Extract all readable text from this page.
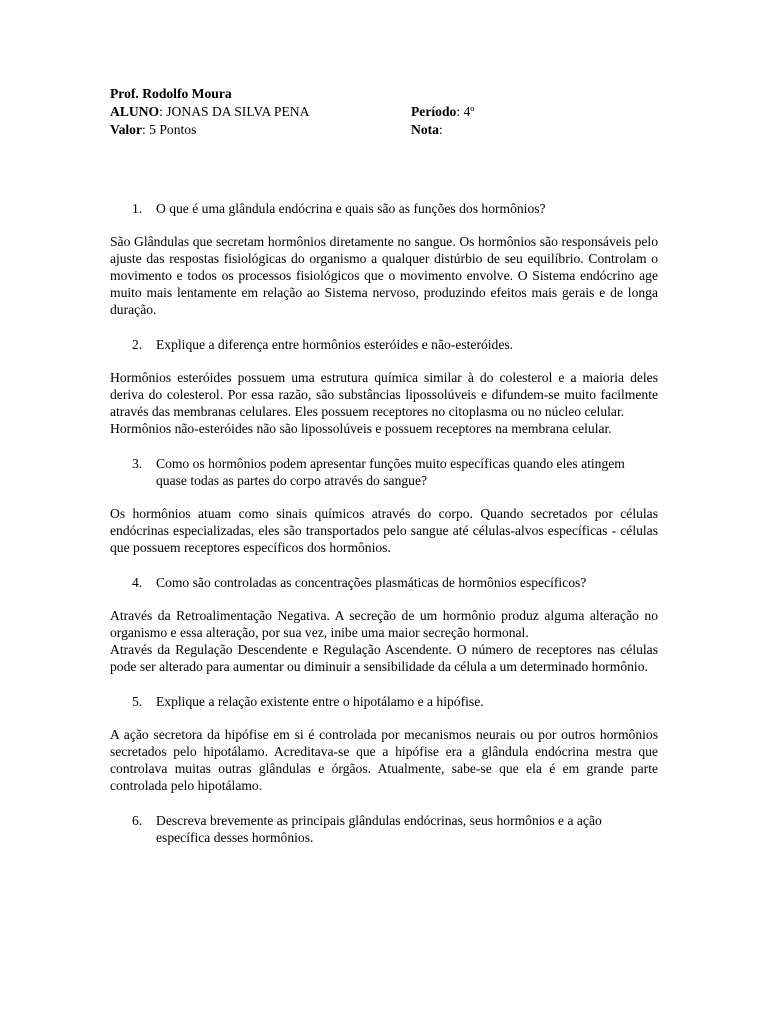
Prof. Rodolfo Moura
ALUNO: JONAS DA SILVA PENA	Período: 4º
Valor: 5 Pontos	Nota:
1. O que é uma glândula endócrina e quais são as funções dos hormônios?

São Glândulas que secretam hormônios diretamente no sangue. Os hormônios são responsáveis pelo ajuste das respostas fisiológicas do organismo a qualquer distúrbio de seu equilíbrio. Controlam o movimento e todos os processos fisiológicos que o movimento envolve. O Sistema endócrino age muito mais lentamente em relação ao Sistema nervoso, produzindo efeitos mais gerais e de longa duração.

2. Explique a diferença entre hormônios esteróides e não-esteróides.

Hormônios esteróides possuem uma estrutura química similar à do colesterol e a maioria deles deriva do colesterol. Por essa razão, são substâncias lipossolúveis e difundem-se muito facilmente através das membranas celulares. Eles possuem receptores no citoplasma ou no núcleo celular.

Hormônios não-esteróides não são lipossolúveis e possuem receptores na membrana celular.

3. Como os hormônios podem apresentar funções muito específicas quando eles atingem quase todas as partes do corpo através do sangue?

Os hormônios atuam como sinais químicos através do corpo. Quando secretados por células endócrinas especializadas, eles são transportados pelo sangue até células-alvos específicas - células que possuem receptores específicos dos hormônios.

4. Como são controladas as concentrações plasmáticas de hormônios específicos?

Através da Retroalimentação Negativa. A secreção de um hormônio produz alguma alteração no organismo e essa alteração, por sua vez, inibe uma maior secreção hormonal.

Através da Regulação Descendente e Regulação Ascendente. O número de receptores nas células pode ser alterado para aumentar ou diminuir a sensibilidade da célula a um determinado hormônio.

5. Explique a relação existente entre o hipotálamo e a hipófise.

A ação secretora da hipófise em si é controlada por mecanismos neurais ou por outros hormônios secretados pelo hipotálamo. Acreditava-se que a hipófise era a glândula endócrina mestra que controlava muitas outras glândulas e órgãos. Atualmente, sabe-se que ela é em grande parte controlada pelo hipotálamo.

6. Descreva brevemente as principais glândulas endócrinas, seus hormônios e a ação específica desses hormônios.
